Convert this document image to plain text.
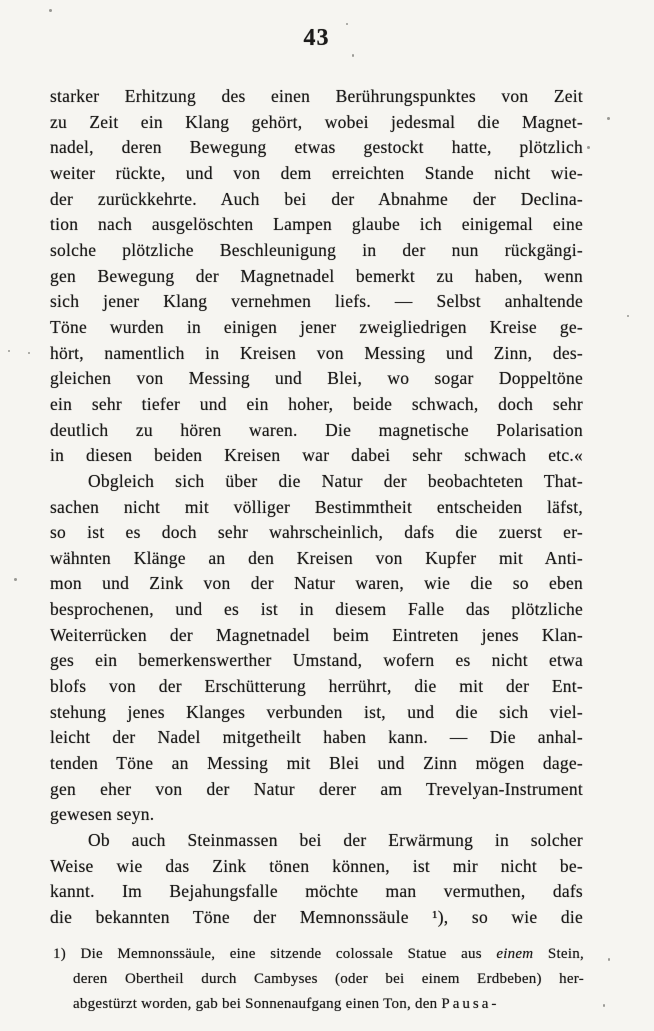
43
starker Erhitzung des einen Berührungspunktes von Zeit
zu Zeit ein Klang gehört, wobei jedesmal die Magnet-
nadel, deren Bewegung etwas gestockt hatte, plötzlich
weiter rückte, und von dem erreichten Stande nicht wie-
der zurückkehrte. Auch bei der Abnahme der Declina-
tion nach ausgelöschten Lampen glaube ich einigemal eine
solche plötzliche Beschleunigung in der nun rückgängi-
gen Bewegung der Magnetnadel bemerkt zu haben, wenn
sich jener Klang vernehmen liefs. — Selbst anhaltende
Töne wurden in einigen jener zweigliedrigen Kreise ge-
hört, namentlich in Kreisen von Messing und Zinn, des-
gleichen von Messing und Blei, wo sogar Doppeltöne
ein sehr tiefer und ein hoher, beide schwach, doch sehr
deutlich zu hören waren. Die magnetische Polarisation
in diesen beiden Kreisen war dabei sehr schwach etc.«
Obgleich sich über die Natur der beobachteten That-
sachen nicht mit völliger Bestimmtheit entscheiden läfst,
so ist es doch sehr wahrscheinlich, dafs die zuerst er-
wähnten Klänge an den Kreisen von Kupfer mit Anti-
mon und Zink von der Natur waren, wie die so eben
besprochenen, und es ist in diesem Falle das plötzliche
Weiterrücken der Magnetnadel beim Eintreten jenes Klan-
ges ein bemerkenswerther Umstand, wofern es nicht etwa
blofs von der Erschütterung herrührt, die mit der Ent-
stehung jenes Klanges verbunden ist, und die sich viel-
leicht der Nadel mitgetheilt haben kann. — Die anhal-
tenden Töne an Messing mit Blei und Zinn mögen dage-
gen eher von der Natur derer am Trevelyan-Instrument
gewesen seyn.
Ob auch Steinmassen bei der Erwärmung in solcher
Weise wie das Zink tönen können, ist mir nicht be-
kannt. Im Bejahungsfalle möchte man vermuthen, dafs
die bekannten Töne der Memnonssäule ¹), so wie die
1) Die Memnonssäule, eine sitzende colossale Statue aus einem Stein,
deren Obertheil durch Cambyses (oder bei einem Erdbeben) her-
abgestürzt worden, gab bei Sonnenaufgang einen Ton, den Pausa-
